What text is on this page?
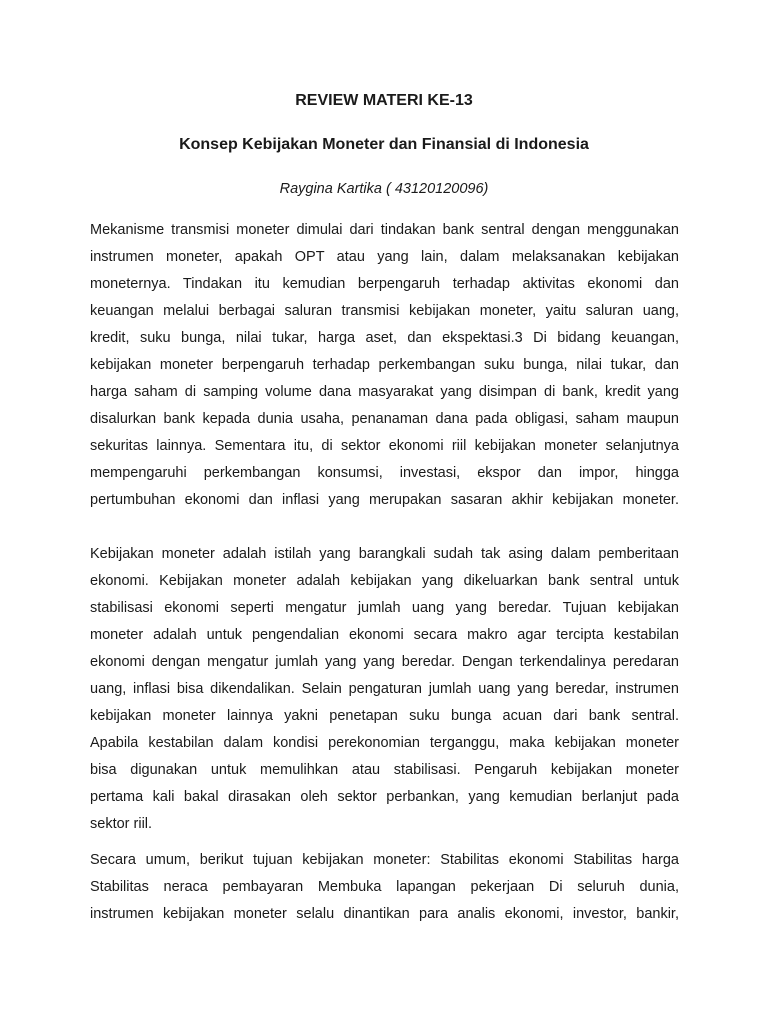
REVIEW MATERI KE-13

Konsep Kebijakan Moneter dan Finansial di Indonesia

Raygina Kartika ( 43120120096)

Mekanisme transmisi moneter dimulai dari tindakan bank sentral dengan menggunakan
instrumen moneter, apakah OPT atau yang lain, dalam melaksanakan kebijakan
moneternya. Tindakan itu kemudian berpengaruh terhadap aktivitas ekonomi dan
keuangan melalui berbagai saluran transmisi kebijakan moneter, yaitu saluran uang,
kredit, suku bunga, nilai tukar, harga aset, dan ekspektasi.3 Di bidang keuangan,
kebijakan moneter berpengaruh terhadap perkembangan suku bunga, nilai tukar, dan
harga saham di samping volume dana masyarakat yang disimpan di bank, kredit yang
disalurkan bank kepada dunia usaha, penanaman dana pada obligasi, saham maupun
sekuritas lainnya. Sementara itu, di sektor ekonomi riil kebijakan moneter selanjutnya
mempengaruhi perkembangan konsumsi, investasi, ekspor dan impor, hingga
pertumbuhan ekonomi dan inflasi yang merupakan sasaran akhir kebijakan moneter.
Kebijakan moneter adalah istilah yang barangkali sudah tak asing dalam pemberitaan
ekonomi. Kebijakan moneter adalah kebijakan yang dikeluarkan bank sentral untuk
stabilisasi ekonomi seperti mengatur jumlah uang yang beredar. Tujuan kebijakan
moneter adalah untuk pengendalian ekonomi secara makro agar tercipta kestabilan
ekonomi dengan mengatur jumlah yang yang beredar. Dengan terkendalinya peredaran
uang, inflasi bisa dikendalikan. Selain pengaturan jumlah uang yang beredar, instrumen
kebijakan moneter lainnya yakni penetapan suku bunga acuan dari bank sentral.
Apabila kestabilan dalam kondisi perekonomian terganggu, maka kebijakan moneter
bisa digunakan untuk memulihkan atau stabilisasi. Pengaruh kebijakan moneter
pertama kali bakal dirasakan oleh sektor perbankan, yang kemudian berlanjut pada
sektor riil.
Secara umum, berikut tujuan kebijakan moneter: Stabilitas ekonomi Stabilitas harga
Stabilitas neraca pembayaran Membuka lapangan pekerjaan Di seluruh dunia,
instrumen kebijakan moneter selalu dinantikan para analis ekonomi, investor, bankir,
